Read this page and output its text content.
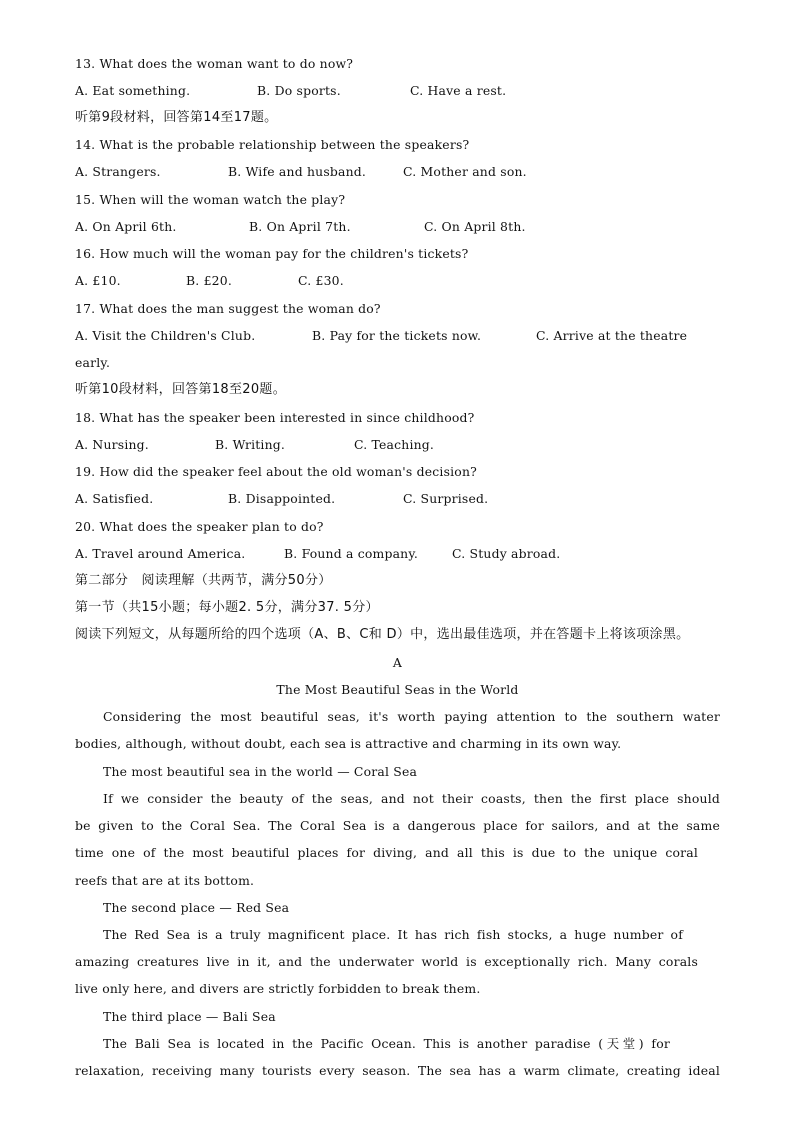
13. What does the woman want to do now?
A. Eat something.	B. Do sports.	C. Have a rest.
听第9段材料，回答第14至17题。
14. What is the probable relationship between the speakers?
A. Strangers.	B. Wife and husband.	C. Mother and son.
15. When will the woman watch the play?
A. On April 6th.	B. On April 7th.	C. On April 8th.
16. How much will the woman pay for the children's tickets?
A. £10.	B. £20.	C. £30.
17. What does the man suggest the woman do?
A. Visit the Children's Club.	B. Pay for the tickets now.	C. Arrive at the theatre
early.
听第10段材料，回答第18至20题。
18. What has the speaker been interested in since childhood?
A. Nursing.	B. Writing.	C. Teaching.
19. How did the speaker feel about the old woman's decision?
A. Satisfied.	B. Disappointed.	C. Surprised.
20. What does the speaker plan to do?
A. Travel around America.	B. Found a company.	C. Study abroad.
第二部分　阅读理解（共两节，满分50分）
第一节（共15小题；每小题2. 5分，满分37. 5分）
阅读下列短文，从每题所给的四个选项（A、B、C和 D）中，选出最佳选项，并在答题卡上将该项涂黑。
A
The Most Beautiful Seas in the World
Considering the most beautiful seas, it's worth paying attention to the southern water
bodies, although, without doubt, each sea is attractive and charming in its own way.
The most beautiful sea in the world — Coral Sea
If we consider the beauty of the seas, and not their coasts, then the first place should
be given to the Coral Sea. The Coral Sea is a dangerous place for sailors, and at the same
time one of the most beautiful places for diving, and all this is due to the unique coral
reefs that are at its bottom.
The second place — Red Sea
The Red Sea is a truly magnificent place. It has rich fish stocks, a huge number of
amazing creatures live in it, and the underwater world is exceptionally rich. Many corals
live only here, and divers are strictly forbidden to break them.
The third place — Bali Sea
The Bali Sea is located in the Pacific Ocean. This is another paradise (天堂) for
relaxation, receiving many tourists every season. The sea has a warm climate, creating ideal
